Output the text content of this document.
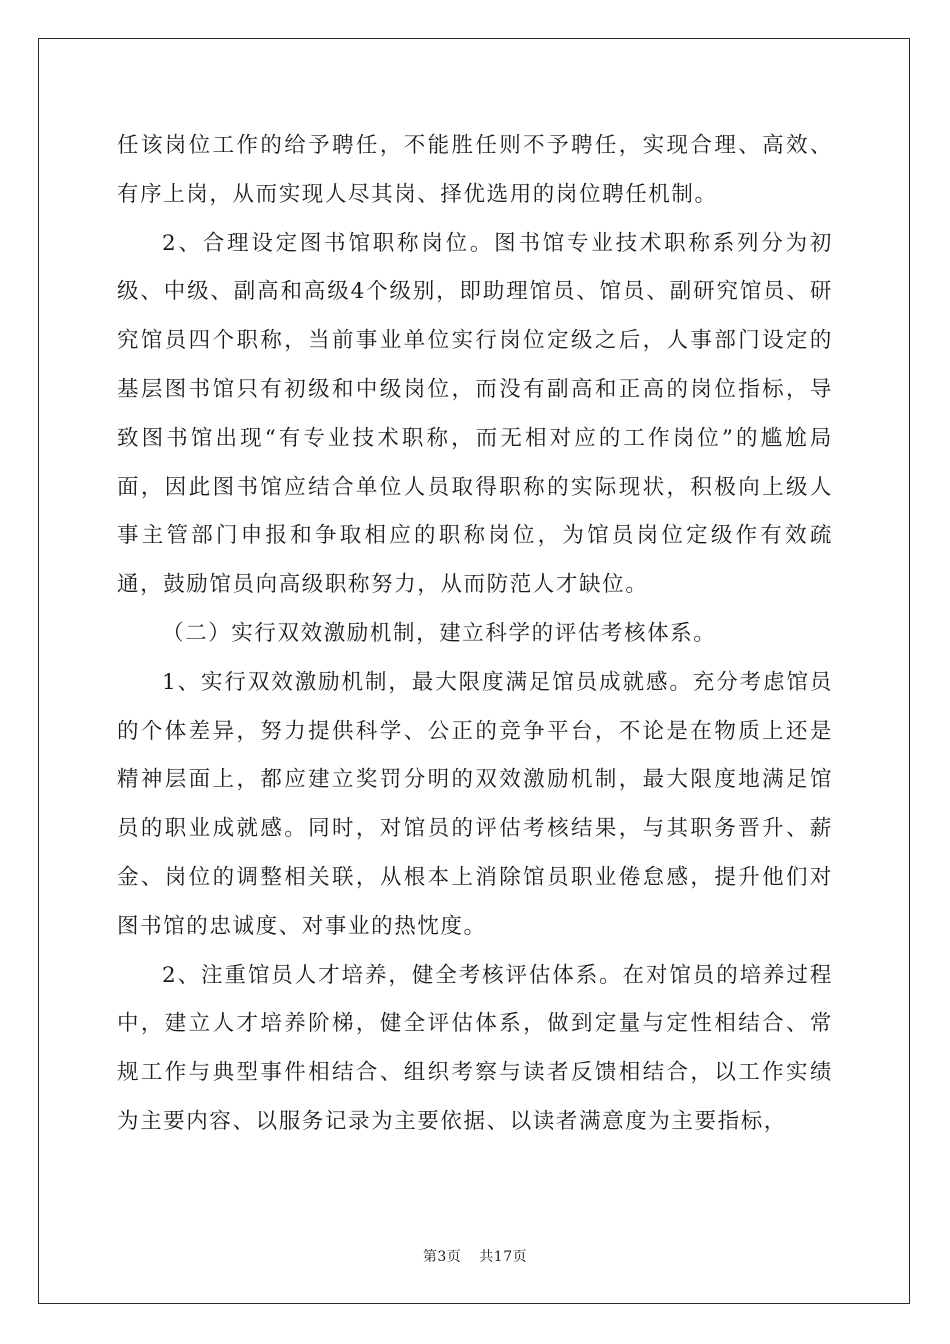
任该岗位工作的给予聘任，不能胜任则不予聘任，实现合理、高效、有序上岗，从而实现人尽其岗、择优选用的岗位聘任机制。

2、合理设定图书馆职称岗位。图书馆专业技术职称系列分为初级、中级、副高和高级4个级别，即助理馆员、馆员、副研究馆员、研究馆员四个职称，当前事业单位实行岗位定级之后，人事部门设定的基层图书馆只有初级和中级岗位，而没有副高和正高的岗位指标，导致图书馆出现“有专业技术职称，而无相对应的工作岗位”的尴尬局面，因此图书馆应结合单位人员取得职称的实际现状，积极向上级人事主管部门申报和争取相应的职称岗位，为馆员岗位定级作有效疏通，鼓励馆员向高级职称努力，从而防范人才缺位。

（二）实行双效激励机制，建立科学的评估考核体系。

1、实行双效激励机制，最大限度满足馆员成就感。充分考虑馆员的个体差异，努力提供科学、公正的竞争平台，不论是在物质上还是精神层面上，都应建立奖罚分明的双效激励机制，最大限度地满足馆员的职业成就感。同时，对馆员的评估考核结果，与其职务晋升、薪金、岗位的调整相关联，从根本上消除馆员职业倦怠感，提升他们对图书馆的忠诚度、对事业的热忱度。

2、注重馆员人才培养，健全考核评估体系。在对馆员的培养过程中，建立人才培养阶梯，健全评估体系，做到定量与定性相结合、常规工作与典型事件相结合、组织考察与读者反馈相结合，以工作实绩为主要内容、以服务记录为主要依据、以读者满意度为主要指标，

第3页 共17页
